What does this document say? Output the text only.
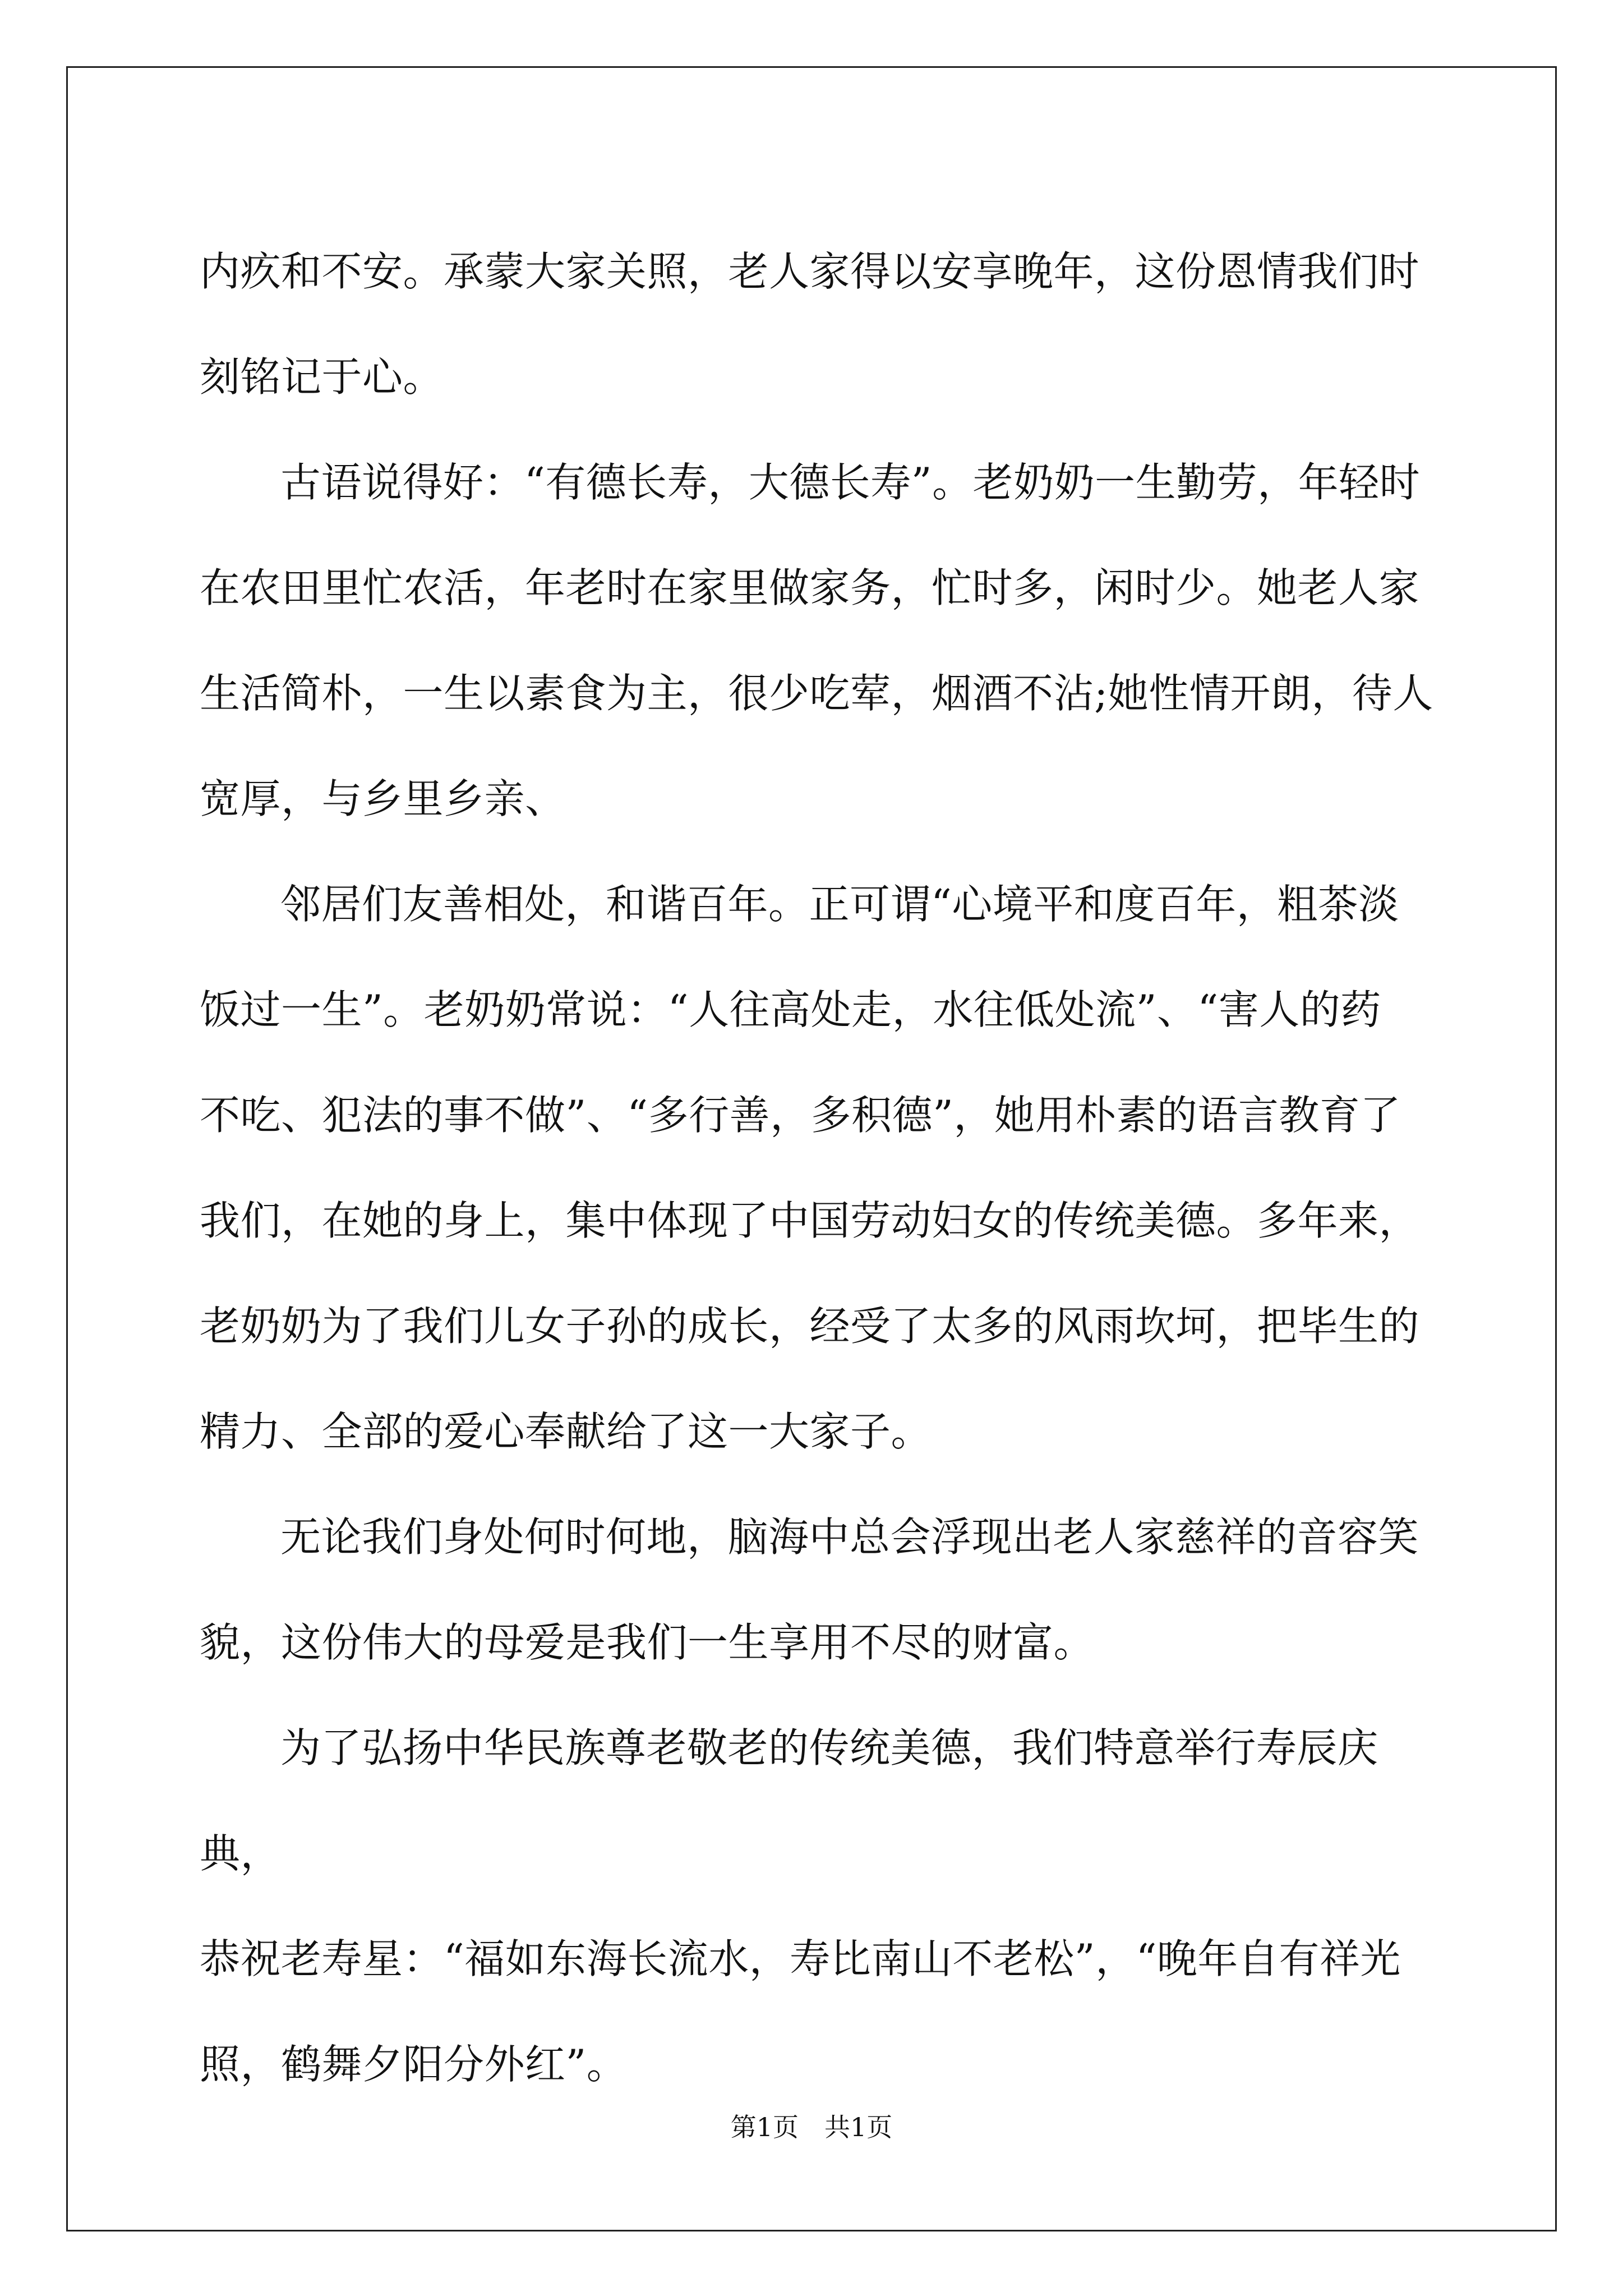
内疚和不安。承蒙大家关照，老人家得以安享晚年，这份恩情我们时
刻铭记于心。

古语说得好：“有德长寿，大德长寿”。老奶奶一生勤劳，年轻时
在农田里忙农活，年老时在家里做家务，忙时多，闲时少。她老人家
生活简朴，一生以素食为主，很少吃荤，烟酒不沾;她性情开朗，待人
宽厚，与乡里乡亲、

邻居们友善相处，和谐百年。正可谓“心境平和度百年，粗茶淡
饭过一生”。老奶奶常说：“人往高处走，水往低处流”、“害人的药
不吃、犯法的事不做”、“多行善，多积德”，她用朴素的语言教育了
我们，在她的身上，集中体现了中国劳动妇女的传统美德。多年来，
老奶奶为了我们儿女子孙的成长，经受了太多的风雨坎坷，把毕生的
精力、全部的爱心奉献给了这一大家子。

无论我们身处何时何地，脑海中总会浮现出老人家慈祥的音容笑
貌，这份伟大的母爱是我们一生享用不尽的财富。

为了弘扬中华民族尊老敬老的传统美德，我们特意举行寿辰庆典，
恭祝老寿星：“福如东海长流水，寿比南山不老松”，“晚年自有祥光
照，鹤舞夕阳分外红”。

第1页　共1页
